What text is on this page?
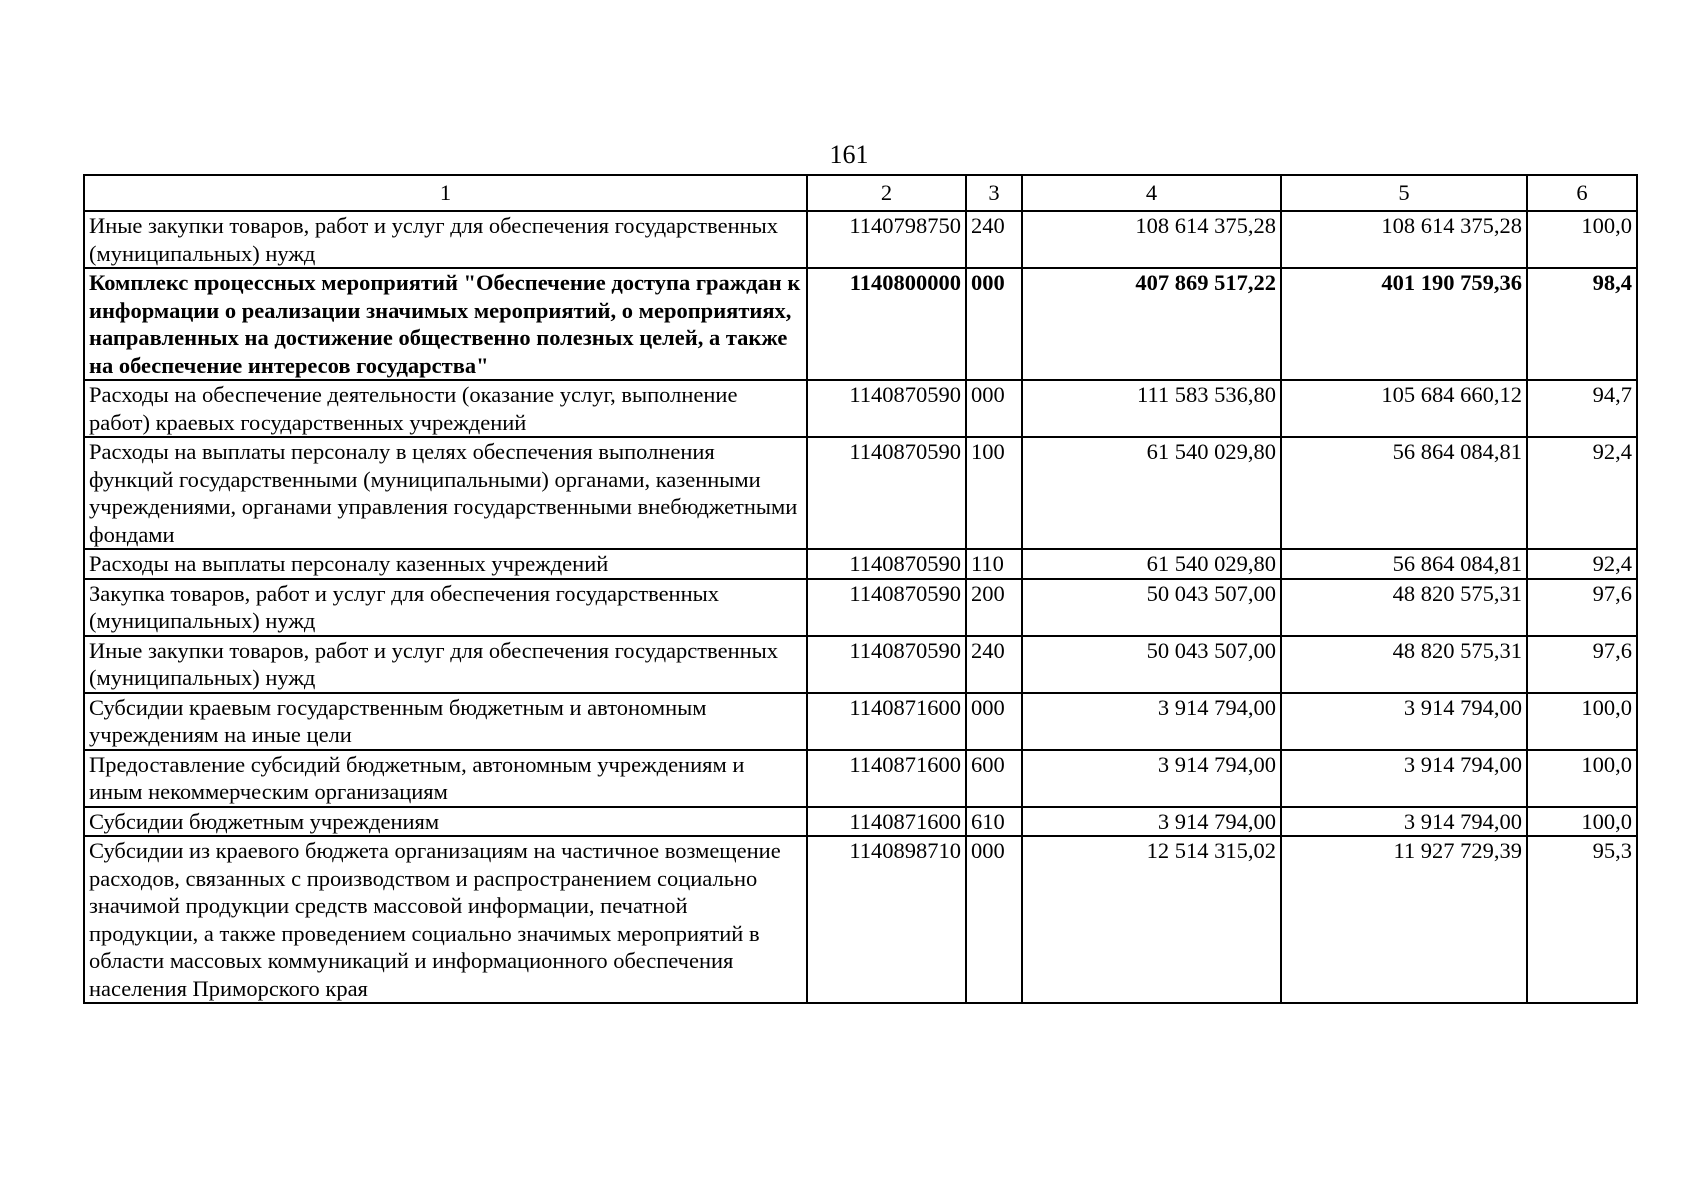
161
1	2	3	4	5	6
Иные закупки товаров, работ и услуг для обеспечения государственных (муниципальных) нужд	1140798750	240	108 614 375,28	108 614 375,28	100,0
Комплекс процессных мероприятий "Обеспечение доступа граждан к информации о реализации значимых мероприятий, о мероприятиях, направленных на достижение общественно полезных целей, а также на обеспечение интересов государства"	1140800000	000	407 869 517,22	401 190 759,36	98,4
Расходы на обеспечение деятельности (оказание услуг, выполнение работ) краевых государственных учреждений	1140870590	000	111 583 536,80	105 684 660,12	94,7
Расходы на выплаты персоналу в целях обеспечения выполнения функций государственными (муниципальными) органами, казенными учреждениями, органами управления государственными внебюджетными фондами	1140870590	100	61 540 029,80	56 864 084,81	92,4
Расходы на выплаты персоналу казенных учреждений	1140870590	110	61 540 029,80	56 864 084,81	92,4
Закупка товаров, работ и услуг для обеспечения государственных (муниципальных) нужд	1140870590	200	50 043 507,00	48 820 575,31	97,6
Иные закупки товаров, работ и услуг для обеспечения государственных (муниципальных) нужд	1140870590	240	50 043 507,00	48 820 575,31	97,6
Субсидии краевым государственным бюджетным и автономным учреждениям на иные цели	1140871600	000	3 914 794,00	3 914 794,00	100,0
Предоставление субсидий бюджетным, автономным учреждениям и иным некоммерческим организациям	1140871600	600	3 914 794,00	3 914 794,00	100,0
Субсидии бюджетным учреждениям	1140871600	610	3 914 794,00	3 914 794,00	100,0
Субсидии из краевого бюджета организациям на частичное возмещение расходов, связанных с производством и распространением социально значимой продукции средств массовой информации, печатной продукции, а также проведением социально значимых мероприятий в области массовых коммуникаций и информационного обеспечения населения Приморского края	1140898710	000	12 514 315,02	11 927 729,39	95,3
